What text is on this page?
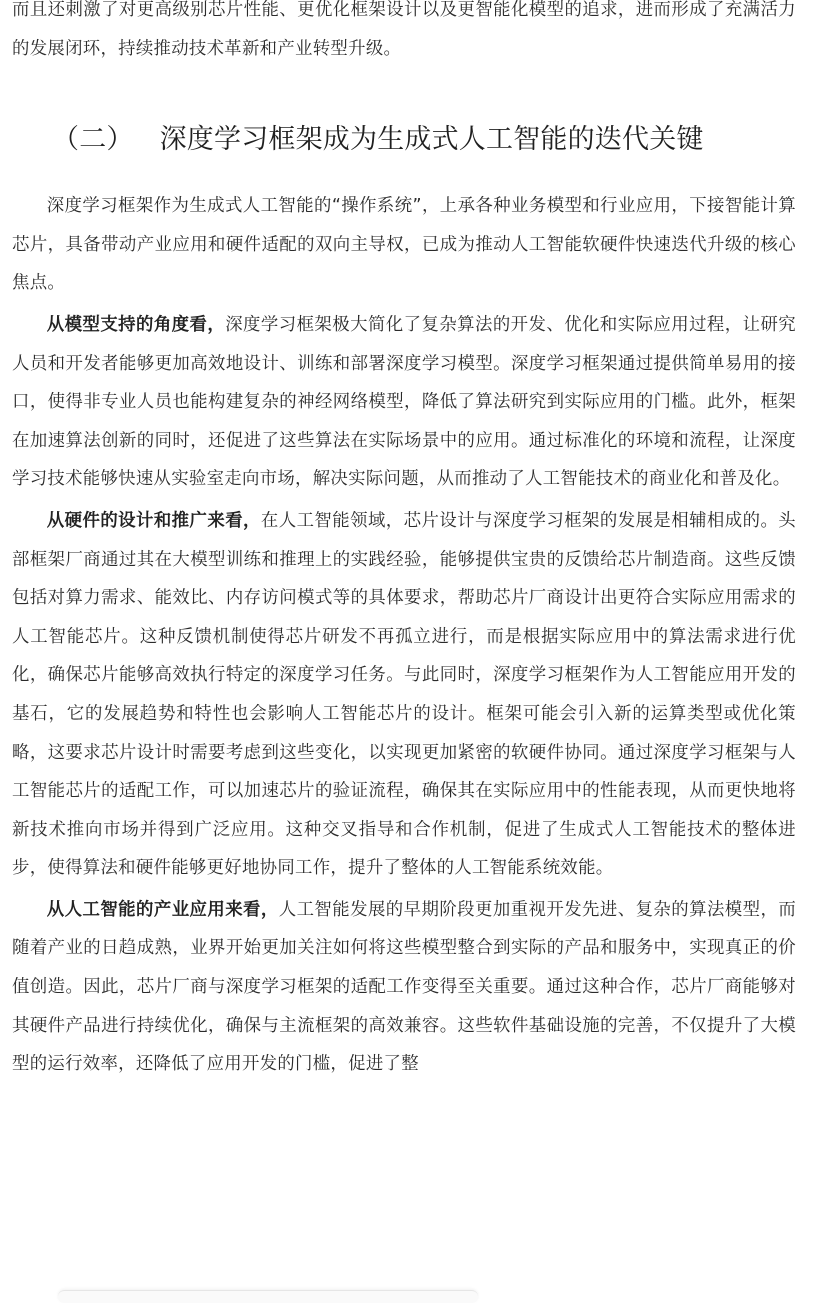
而且还刺激了对更高级别芯片性能、更优化框架设计以及更智能化模型的追求，进而形成了充满活力的发展闭环，持续推动技术革新和产业转型升级。

（二） 深度学习框架成为生成式人工智能的迭代关键

深度学习框架作为生成式人工智能的“操作系统”，上承各种业务模型和行业应用，下接智能计算芯片，具备带动产业应用和硬件适配的双向主导权，已成为推动人工智能软硬件快速迭代升级的核心焦点。

从模型支持的角度看，深度学习框架极大简化了复杂算法的开发、优化和实际应用过程，让研究人员和开发者能够更加高效地设计、训练和部署深度学习模型。深度学习框架通过提供简单易用的接口，使得非专业人员也能构建复杂的神经网络模型，降低了算法研究到实际应用的门槛。此外，框架在加速算法创新的同时，还促进了这些算法在实际场景中的应用。通过标准化的环境和流程，让深度学习技术能够快速从实验室走向市场，解决实际问题，从而推动了人工智能技术的商业化和普及化。

从硬件的设计和推广来看，在人工智能领域，芯片设计与深度学习框架的发展是相辅相成的。头部框架厂商通过其在大模型训练和推理上的实践经验，能够提供宝贵的反馈给芯片制造商。这些反馈包括对算力需求、能效比、内存访问模式等的具体要求，帮助芯片厂商设计出更符合实际应用需求的人工智能芯片。这种反馈机制使得芯片研发不再孤立进行，而是根据实际应用中的算法需求进行优化，确保芯片能够高效执行特定的深度学习任务。与此同时，深度学习框架作为人工智能应用开发的基石，它的发展趋势和特性也会影响人工智能芯片的设计。框架可能会引入新的运算类型或优化策略，这要求芯片设计时需要考虑到这些变化，以实现更加紧密的软硬件协同。通过深度学习框架与人工智能芯片的适配工作，可以加速芯片的验证流程，确保其在实际应用中的性能表现，从而更快地将新技术推向市场并得到广泛应用。这种交叉指导和合作机制，促进了生成式人工智能技术的整体进步，使得算法和硬件能够更好地协同工作，提升了整体的人工智能系统效能。

从人工智能的产业应用来看，人工智能发展的早期阶段更加重视开发先进、复杂的算法模型，而随着产业的日趋成熟，业界开始更加关注如何将这些模型整合到实际的产品和服务中，实现真正的价值创造。因此，芯片厂商与深度学习框架的适配工作变得至关重要。通过这种合作，芯片厂商能够对其硬件产品进行持续优化，确保与主流框架的高效兼容。这些软件基础设施的完善，不仅提升了大模型的运行效率，还降低了应用开发的门槛，促进了整
